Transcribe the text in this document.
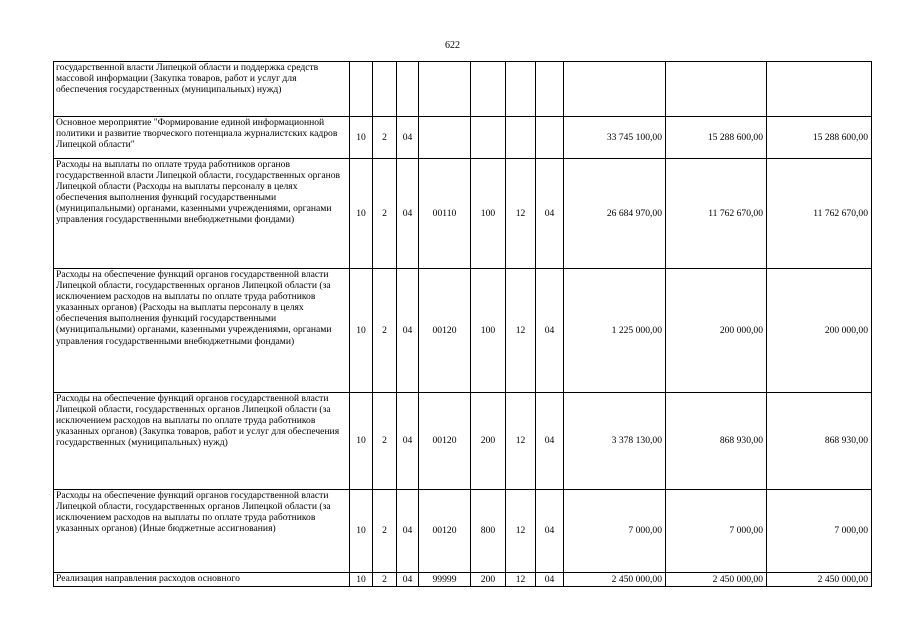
622
государственной власти Липецкой области и поддержка средств массовой информации (Закупка товаров, работ и услуг для обеспечения государственных (муниципальных) нужд)										
Основное мероприятие "Формирование единой информационной политики и развитие творческого потенциала журналистских кадров Липецкой области"	10	2	04					33 745 100,00	15 288 600,00	15 288 600,00
Расходы на выплаты по оплате труда работников органов государственной власти Липецкой области, государственных органов Липецкой области (Расходы на выплаты персоналу в целях обеспечения выполнения функций государственными (муниципальными) органами, казенными учреждениями, органами управления государственными внебюджетными фондами)	10	2	04	00110	100	12	04	26 684 970,00	11 762 670,00	11 762 670,00
Расходы на обеспечение функций органов государственной власти Липецкой области, государственных органов Липецкой области (за исключением расходов на выплаты по оплате труда работников указанных органов) (Расходы на выплаты персоналу в целях обеспечения выполнения функций государственными (муниципальными) органами, казенными учреждениями, органами управления государственными внебюджетными фондами)	10	2	04	00120	100	12	04	1 225 000,00	200 000,00	200 000,00
Расходы на обеспечение функций органов государственной власти Липецкой области, государственных органов Липецкой области (за исключением расходов на выплаты по оплате труда работников указанных органов) (Закупка товаров, работ и услуг для обеспечения государственных (муниципальных) нужд)	10	2	04	00120	200	12	04	3 378 130,00	868 930,00	868 930,00
Расходы на обеспечение функций органов государственной власти Липецкой области, государственных органов Липецкой области (за исключением расходов на выплаты по оплате труда работников указанных органов) (Иные бюджетные ассигнования)	10	2	04	00120	800	12	04	7 000,00	7 000,00	7 000,00
Реализация направления расходов основного	10	2	04	99999	200	12	04	2 450 000,00	2 450 000,00	2 450 000,00
